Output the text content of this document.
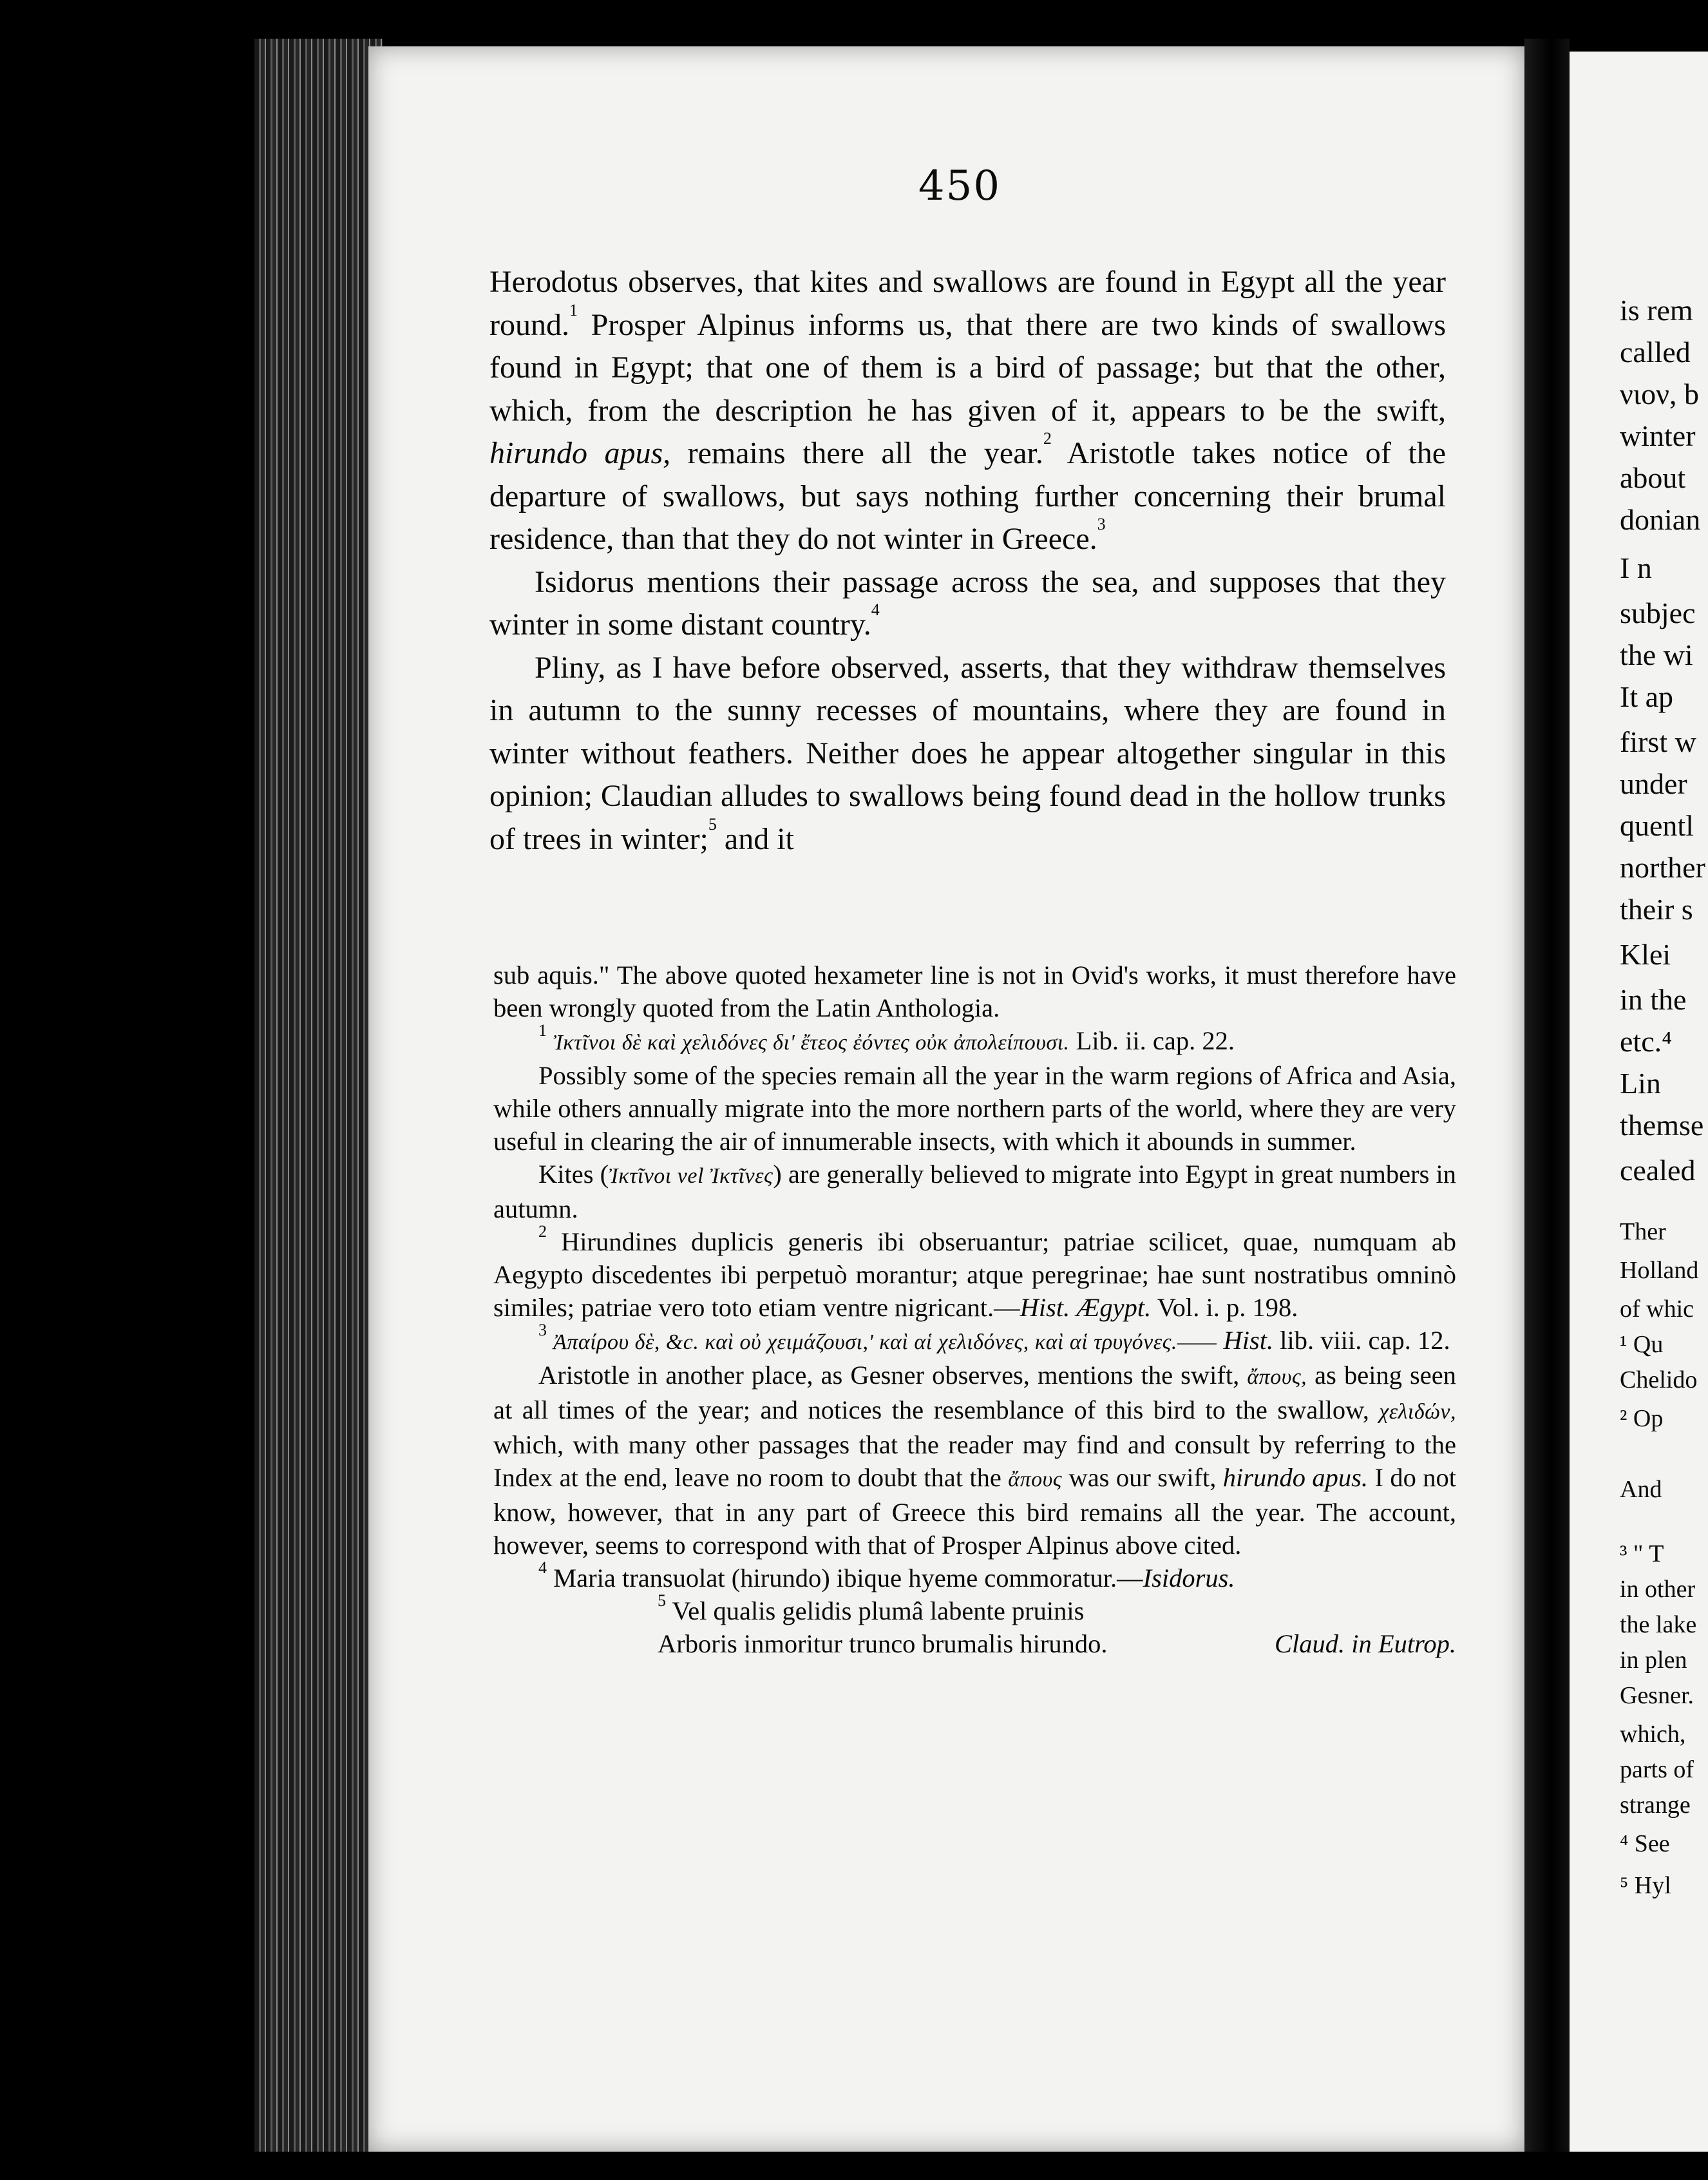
450

Herodotus observes, that kites and swallows are found in Egypt all the year round.$^1$ Prosper Alpinus informs us, that there are two kinds of swallows found in Egypt; that one of them is a bird of passage; but that the other, which, from the description he has given of it, appears to be the swift, hirundo apus, remains there all the year.$^2$ Aristotle takes notice of the departure of swallows, but says nothing further concerning their brumal residence, than that they do not winter in Greece.$^3$

Isidorus mentions their passage across the sea, and supposes that they winter in some distant country.$^4$

Pliny, as I have before observed, asserts, that they withdraw themselves in autumn to the sunny recesses of mountains, where they are found in winter without feathers. Neither does he appear altogether singular in this opinion; Claudian alludes to swallows being found dead in the hollow trunks of trees in winter;$^5$ and it

sub aquis." The above quoted hexameter line is not in Ovid's works, it must therefore have been wrongly quoted from the Latin Anthologia.

$^1$ Ἰκτῖνοι δὲ καὶ χελιδόνες δι' ἔτεος ἐόντες οὐκ ἀπολείπουσι. Lib. ii. cap. 22.

Possibly some of the species remain all the year in the warm regions of Africa and Asia, while others annually migrate into the more northern parts of the world, where they are very useful in clearing the air of innumerable insects, with which it abounds in summer.

Kites (Ἰκτῖνοι vel Ἰκτῖνες) are generally believed to migrate into Egypt in great numbers in autumn.

$^2$ Hirundines duplicis generis ibi obseruantur; patriae scilicet, quae, numquam ab Aegypto discedentes ibi perpetuò morantur; atque peregrinae; hae sunt nostratibus omninò similes; patriae vero toto etiam ventre nigricant.—Hist. Ægypt. Vol. i. p. 198.

$^3$ Ἀπαίρου δὲ, &c. καὶ οὐ χειμάζουσι,' καὶ αἱ χελιδόνες, καὶ αἱ τρυγόνες.—— Hist. lib. viii. cap. 12.

Aristotle in another place, as Gesner observes, mentions the swift, ἄπους, as being seen at all times of the year; and notices the resemblance of this bird to the swallow, χελιδών, which, with many other passages that the reader may find and consult by referring to the Index at the end, leave no room to doubt that the ἄπους was our swift, hirundo apus. I do not know, however, that in any part of Greece this bird remains all the year. The account, however, seems to correspond with that of Prosper Alpinus above cited.

$^4$ Maria transuolat (hirundo) ibique hyeme commoratur.—Isidorus.

$^5$ Vel qualis gelidis plumâ labente pruinis

Arboris inmoritur trunco brumalis hirundo.	Claud. in Eutrop.

is rem
called
νιον, b
winter
about
donian
I n
subjec
the wi
It ap
first w
under
quentl
norther
their s
Klei
in the
etc.⁴
Lin
themse
cealed
Ther
Holland
of whic
¹ Qu
Chelido
² Op
And
³ " T
in other
the lake
in plen
Gesner.
which,
parts of
strange
⁴ See
⁵ Hyl
